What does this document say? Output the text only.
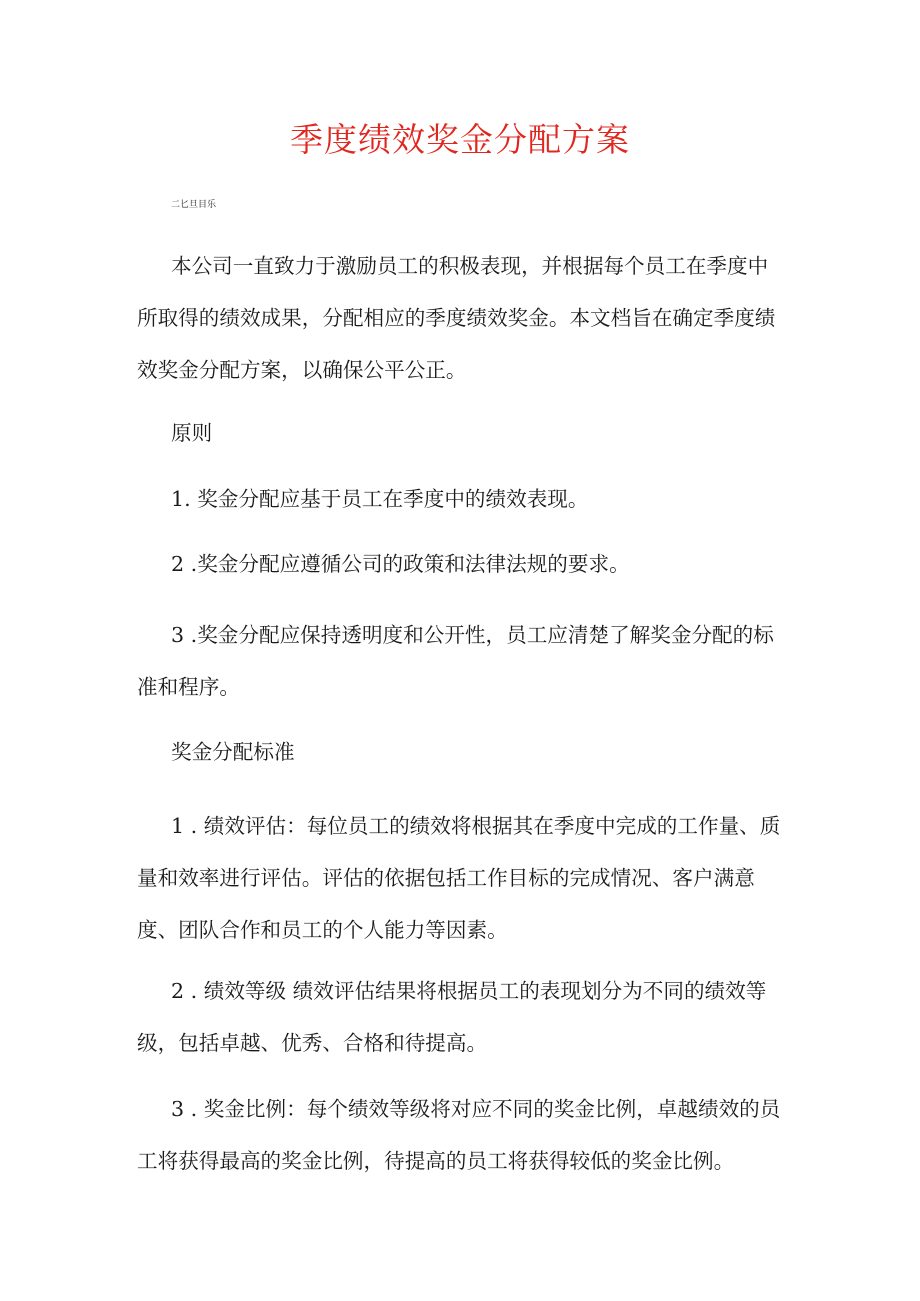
季度绩效奖金分配方案
二匕旦目乐

本公司一直致力于激励员工的积极表现，并根据每个员工在季度中所取得的绩效成果，分配相应的季度绩效奖金。本文档旨在确定季度绩效奖金分配方案，以确保公平公正。

原则

1. 奖金分配应基于员工在季度中的绩效表现。

2 .奖金分配应遵循公司的政策和法律法规的要求。

3 .奖金分配应保持透明度和公开性，员工应清楚了解奖金分配的标准和程序。

奖金分配标准

1 . 绩效评估：每位员工的绩效将根据其在季度中完成的工作量、质量和效率进行评估。评估的依据包括工作目标的完成情况、客户满意度、团队合作和员工的个人能力等因素。

2 . 绩效等级 绩效评估结果将根据员工的表现划分为不同的绩效等级，包括卓越、优秀、合格和待提高。

3 . 奖金比例：每个绩效等级将对应不同的奖金比例，卓越绩效的员工将获得最高的奖金比例，待提高的员工将获得较低的奖金比例。
